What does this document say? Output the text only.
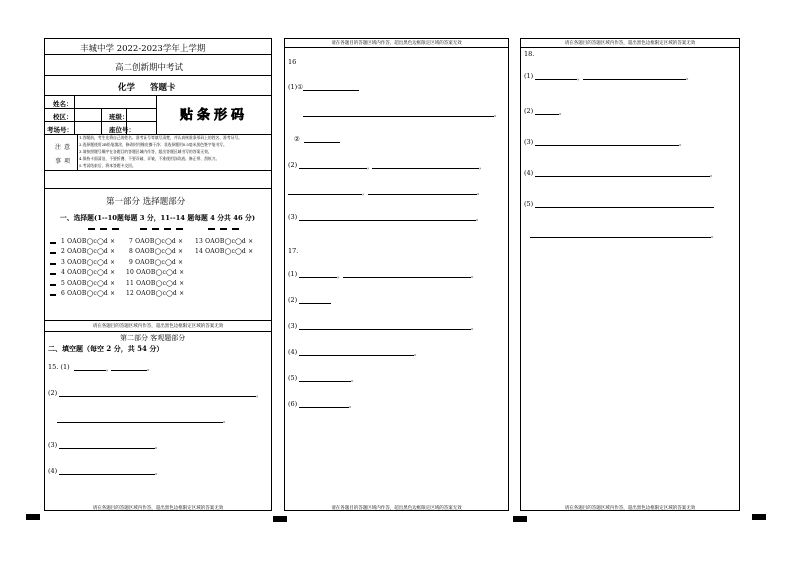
丰城中学 2022-2023学年上学期
高二创新期中考试
化学 答题卡
姓名：
校区：	班级：
考场号：	座位号：
贴条形码
注 意
事 项
1.答题前，考生先将自己的姓名、准考证号等填写清楚，并认真核准条形码上的姓名、准考证号。
2.选择题使用2B铅笔填涂，修改时用橡皮擦干净；非选择题用0.5毫米黑色签字笔书写。
3.请按照题号顺序在各题目的答题区域内作答，超出答题区域书写的答案无效。
4.保持卡面清洁，不要折叠、不要弄破、弄皱，不准使用涂改液、修正带、刮纸刀。
5.考试结束后，将本答题卡交回。
第一部分 选择题部分
一、选择题(1--10题每题 3 分，11--14 题每题 4 分共 46 分)
1 OAOB◯c◯d ×
2 OAOB◯c◯d ×
3 OAOB◯c◯d ×
4 OAOB◯c◯d ×
5 OAOB◯c◯d ×
6 OAOB◯c◯d ×
7 OAOB◯c◯d ×
8 OAOB◯c◯d ×
9 OAOB◯c◯d ×
10 OAOB◯c◯d ×
11 OAOB◯c◯d ×
12 OAOB◯c◯d ×
13 OAOB◯c◯d ×
14 OAOB◯c◯d ×
请在各题目的答题区域内作答，超出黑色边框限定区域的答案无效
第二部分 客观题部分
二、填空题（每空 2 分，共 54 分）
15. (1)	，	。
(2)	，
。
(3)	。
(4)	。
请在各题目的答题区域内作答，超出黑色边框限定区域的答案无效
请在各题目的答题区域内作答，超出黑色边框限定区域的答案无效
16
(1)①
。
②
(2)	，	，
，	。
(3)	。
17.
(1)	，	。
(2)
(3)	。
(4)	。
(5)	。
(6)	。
请在各题目的答题区域内作答，超出黑色边框限定区域的答案无效
请在各题目的答题区域内作答，超出黑色边框限定区域的答案无效
18.
(1)	，	。
(2)	。
(3)	。
(4)	。
(5)
。
请在各题目的答题区域内作答，超出黑色边框限定区域的答案无效
